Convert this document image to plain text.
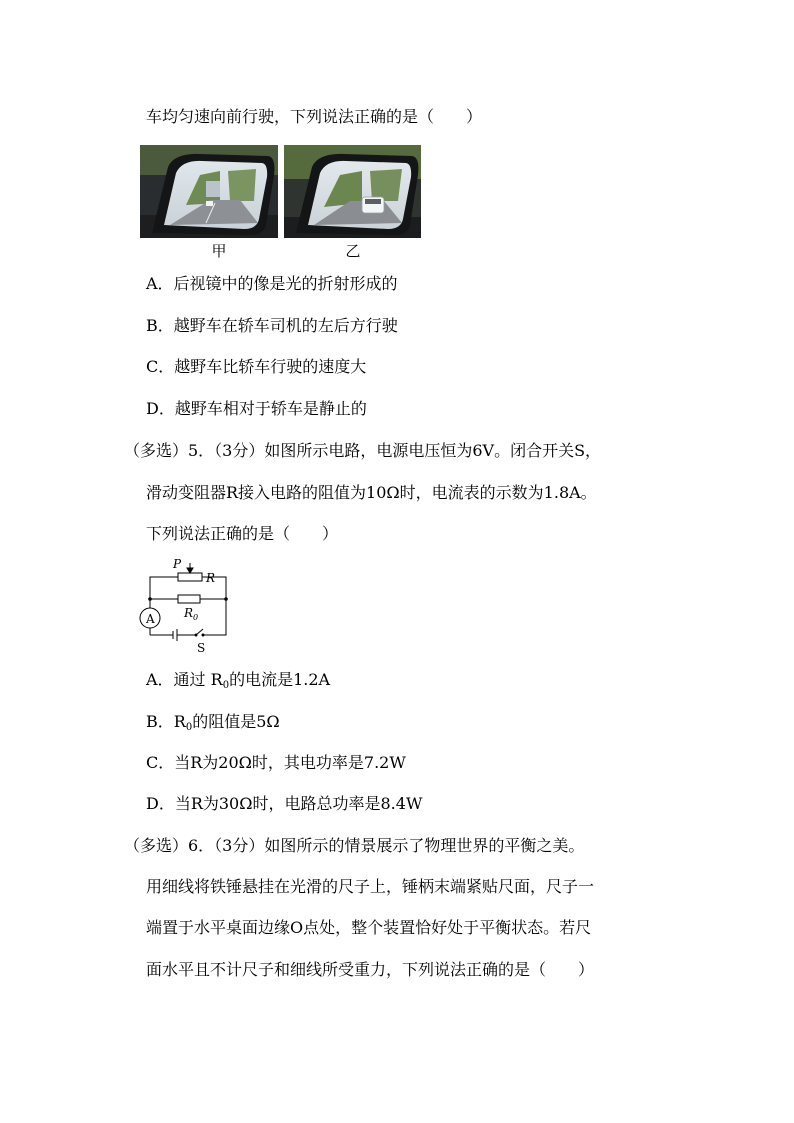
车均匀速向前行驶，下列说法正确的是（　　）
甲	乙
A．后视镜中的像是光的折射形成的
B．越野车在轿车司机的左后方行驶
C．越野车比轿车行驶的速度大
D．越野车相对于轿车是静止的
（多选）5．（3分）如图所示电路，电源电压恒为6V。闭合开关S，
滑动变阻器R接入电路的阻值为10Ω时，电流表的示数为1.8A。
下列说法正确的是（　　）
P
R
$R_0$
A
S
A．通过 $R_0$的电流是1.2A
B．$R_0$的阻值是5Ω
C．当R为20Ω时，其电功率是7.2W
D．当R为30Ω时，电路总功率是8.4W
（多选）6．（3分）如图所示的情景展示了物理世界的平衡之美。
用细线将铁锤悬挂在光滑的尺子上，锤柄末端紧贴尺面，尺子一
端置于水平桌面边缘O点处，整个装置恰好处于平衡状态。若尺
面水平且不计尺子和细线所受重力，下列说法正确的是（　　）
